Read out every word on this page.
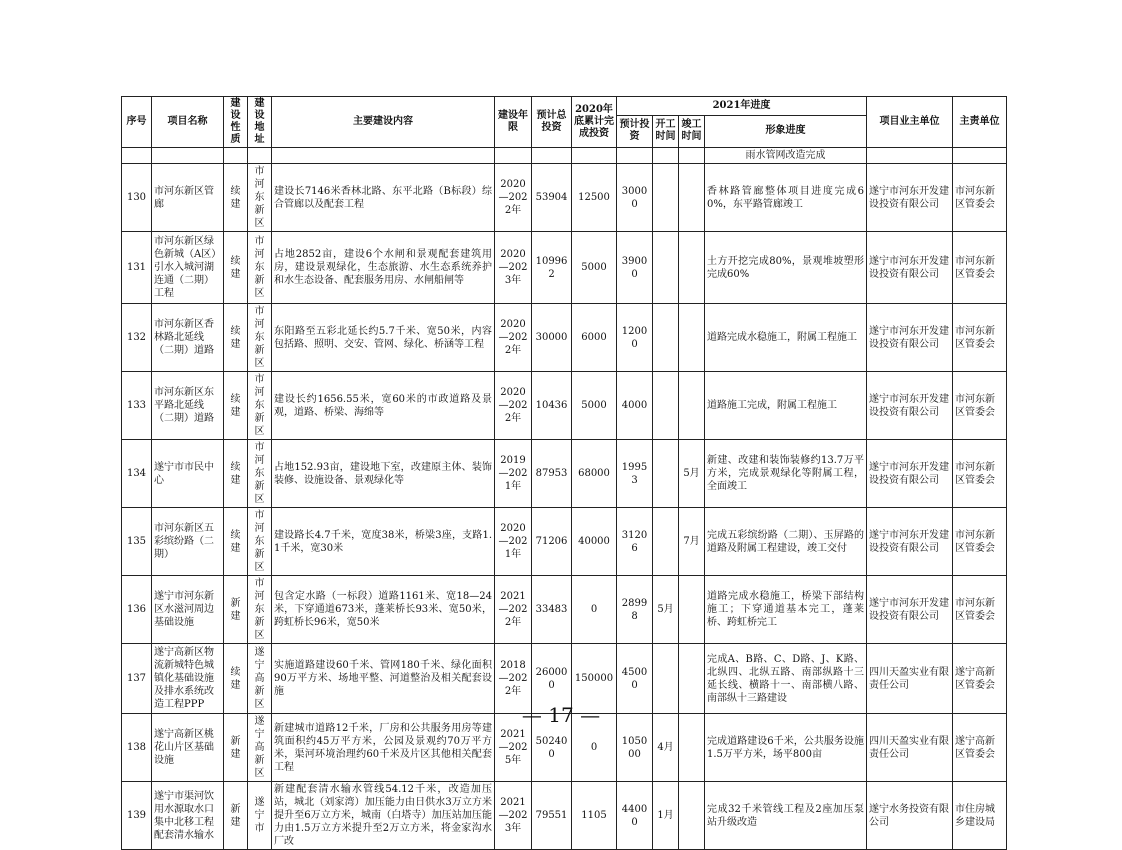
序号	项目名称	建设性质	建设地址	主要建设内容	建设年限	预计总投资	2020年底累计完成投资	2021年进度				项目业主单位	主责单位
								预计投资	开工时间	竣工时间	形象进度		
											雨水管网改造完成		
130	市河东新区管廊	续建	市河东新区	建设长7146米香林北路、东平北路（B标段）综合管廊以及配套工程	2020—2022年	53904	12500	30000			香林路管廊整体项目进度完成60%，东平路管廊竣工	遂宁市河东开发建设投资有限公司	市河东新区管委会
131	市河东新区绿色新城（A区）引水入城河湖连通（二期）工程	续建	市河东新区	占地2852亩，建设6个水闸和景观配套建筑用房，建设景观绿化，生态旅游、水生态系统养护和水生态设备、配套服务用房、水闸船闸等	2020—2023年	109962	5000	39000			土方开挖完成80%，景观堆坡塑形完成60%	遂宁市河东开发建设投资有限公司	市河东新区管委会
132	市河东新区香林路北延线（二期）道路	续建	市河东新区	东阳路至五彩北延长约5.7千米、宽50米，内容包括路、照明、交安、管网、绿化、桥涵等工程	2020—2022年	30000	6000	12000			道路完成水稳施工，附属工程施工	遂宁市河东开发建设投资有限公司	市河东新区管委会
133	市河东新区东平路北延线（二期）道路	续建	市河东新区	建设长约1656.55米，宽60米的市政道路及景观，道路、桥梁、海绵等	2020—2022年	10436	5000	4000			道路施工完成，附属工程施工	遂宁市河东开发建设投资有限公司	市河东新区管委会
134	遂宁市市民中心	续建	市河东新区	占地152.93亩，建设地下室，改建原主体、装饰装修、设施设备、景观绿化等	2019—2021年	87953	68000	19953		5月	新建、改建和装饰装修约13.7万平方米，完成景观绿化等附属工程，全面竣工	遂宁市河东开发建设投资有限公司	市河东新区管委会
135	市河东新区五彩缤纷路（二期）	续建	市河东新区	建设路长4.7千米，宽度38米，桥梁3座，支路1.1千米，宽30米	2020—2021年	71206	40000	31206		7月	完成五彩缤纷路（二期）、玉屏路的道路及附属工程建设，竣工交付	遂宁市河东开发建设投资有限公司	市河东新区管委会
136	遂宁市河东新区水滋河周边基础设施	新建	市河东新区	包含定水路（一标段）道路1161米、宽18—24米，下穿通道673米，蓬莱桥长93米、宽50米，跨虹桥长96米，宽50米	2021—2022年	33483	0	28998	5月		道路完成水稳施工，桥梁下部结构施工；下穿通道基本完工，蓬莱桥、跨虹桥完工	遂宁市河东开发建设投资有限公司	市河东新区管委会
137	遂宁高新区物流新城特色城镇化基础设施及排水系统改造工程PPP	续建	遂宁高新区	实施道路建设60千米、管网180千米、绿化面积90万平方米、场地平整、河道整治及相关配套设施	2018—2022年	260000	150000	45000			完成A、B路、C、D路、J、K路、北纵四、北纵五路、南部纵路十三延长线、横路十一、南部横八路、南部纵十三路建设	四川天盈实业有限责任公司	遂宁高新区管委会
138	遂宁高新区桃花山片区基础设施	新建	遂宁高新区	新建城市道路12千米，厂房和公共服务用房等建筑面积约45万平方米，公园及景观约70万平方米，渠河环境治理约60千米及片区其他相关配套工程	2021—2025年	502400	0	105000	4月		完成道路建设6千米，公共服务设施1.5万平方米，场平800亩	四川天盈实业有限责任公司	遂宁高新区管委会
139	遂宁市渠河饮用水源取水口集中北移工程配套清水输水	新建	遂宁市	新建配套清水输水管线54.12千米，改造加压站，城北（刘家湾）加压能力由日供水3万立方米提升至6万立方米，城南（白塔寺）加压站加压能力由1.5万立方米提升至2万立方米，将金家沟水厂改	2021—2023年	79551	1105	44000	1月		完成32千米管线工程及2座加压泵站升级改造	遂宁水务投资有限公司	市住房城乡建设局
— 17 —
